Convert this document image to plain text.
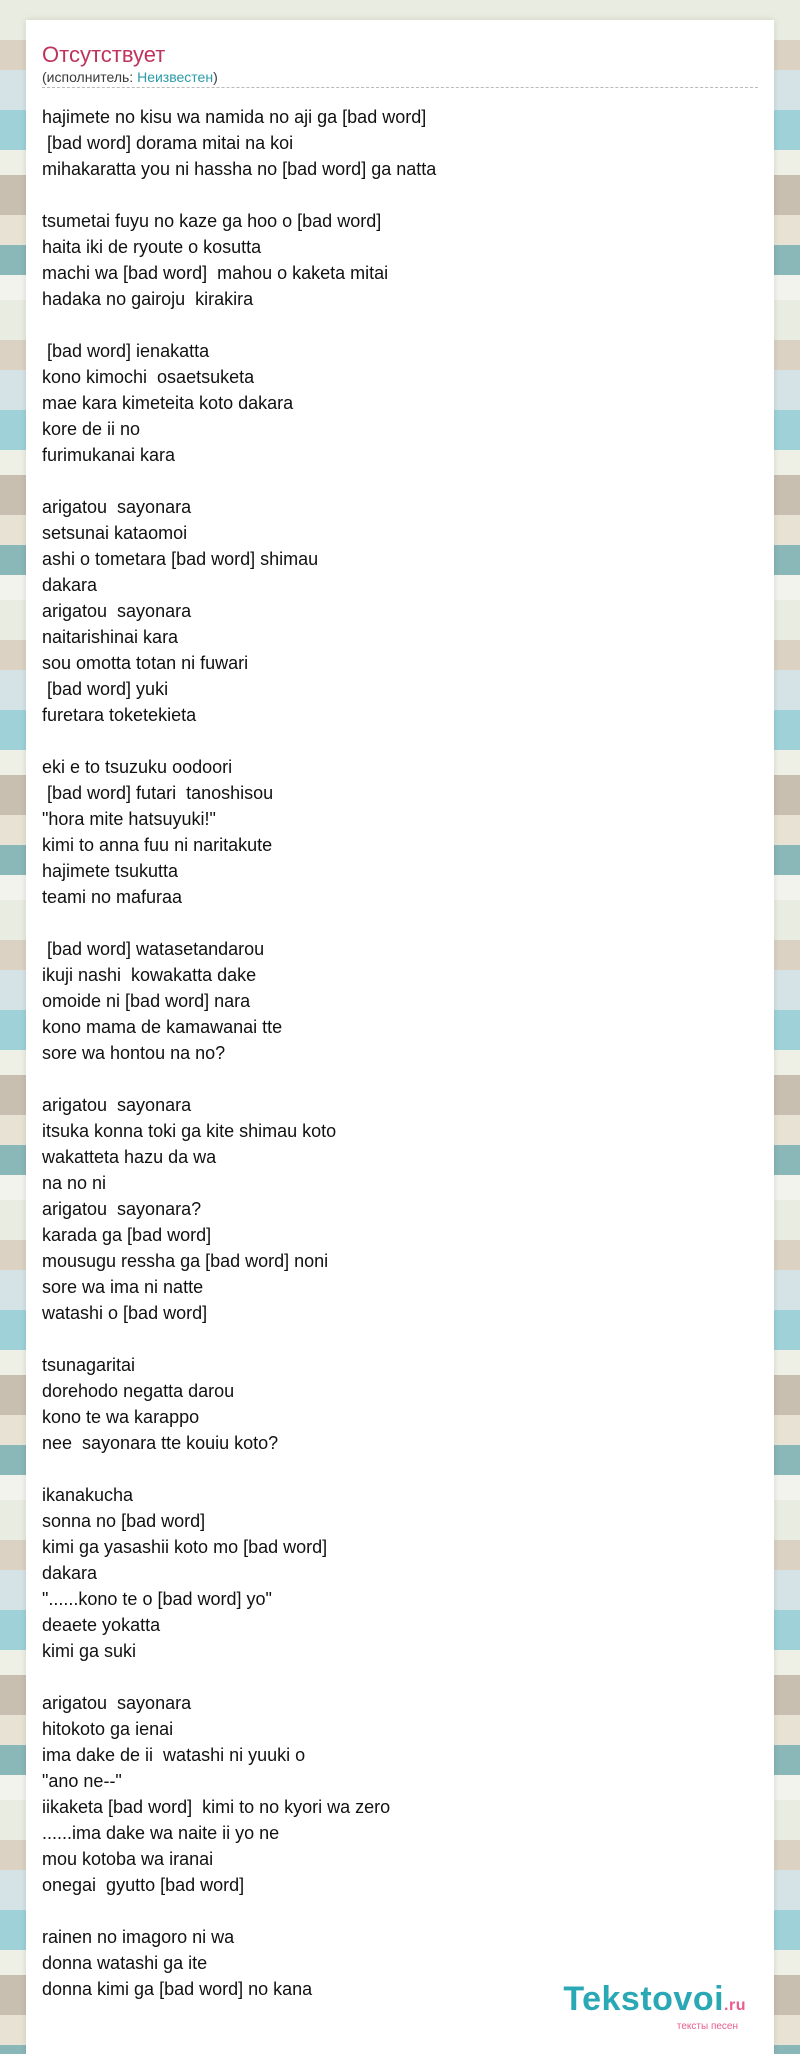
Отсутствует
(исполнитель: Неизвестен)
hajimete no kisu wa namida no aji ga [bad word]
[bad word] dorama mitai na koi
mihakaratta you ni hassha no [bad word] ga natta
tsumetai fuyu no kaze ga hoo o [bad word]
haita iki de ryoute o kosutta
machi wa [bad word]  mahou o kaketa mitai
hadaka no gairoju  kirakira
[bad word] ienakatta
kono kimochi  osaetsuketa
mae kara kimeteita koto dakara
kore de ii no
furimukanai kara
arigatou  sayonara
setsunai kataomoi
ashi o tometara [bad word] shimau
dakara
arigatou  sayonara
naitarishinai kara
sou omotta totan ni fuwari
[bad word] yuki
furetara toketekieta
eki e to tsuzuku oodoori
[bad word] futari  tanoshisou
"hora mite hatsuyuki!"
kimi to anna fuu ni naritakute
hajimete tsukutta
teami no mafuraa
[bad word] watasetandarou
ikuji nashi  kowakatta dake
omoide ni [bad word] nara
kono mama de kamawanai tte
sore wa hontou na no?
arigatou  sayonara
itsuka konna toki ga kite shimau koto
wakatteta hazu da wa
na no ni
arigatou  sayonara?
karada ga [bad word]
mousugu ressha ga [bad word] noni
sore wa ima ni natte
watashi o [bad word]
tsunagaritai
dorehodo negatta darou
kono te wa karappo
nee  sayonara tte kouiu koto?
ikanakucha
sonna no [bad word]
kimi ga yasashii koto mo [bad word]
dakara
"......kono te o [bad word] yo"
deaete yokatta
kimi ga suki
arigatou  sayonara
hitokoto ga ienai
ima dake de ii  watashi ni yuuki o
"ano ne--"
iikaketa [bad word]  kimi to no kyori wa zero
......ima dake wa naite ii yo ne
mou kotoba wa iranai
onegai  gyutto [bad word]
rainen no imagoro ni wa
donna watashi ga ite
donna kimi ga [bad word] no kana	Tekstovoi.ru
тексты песен
